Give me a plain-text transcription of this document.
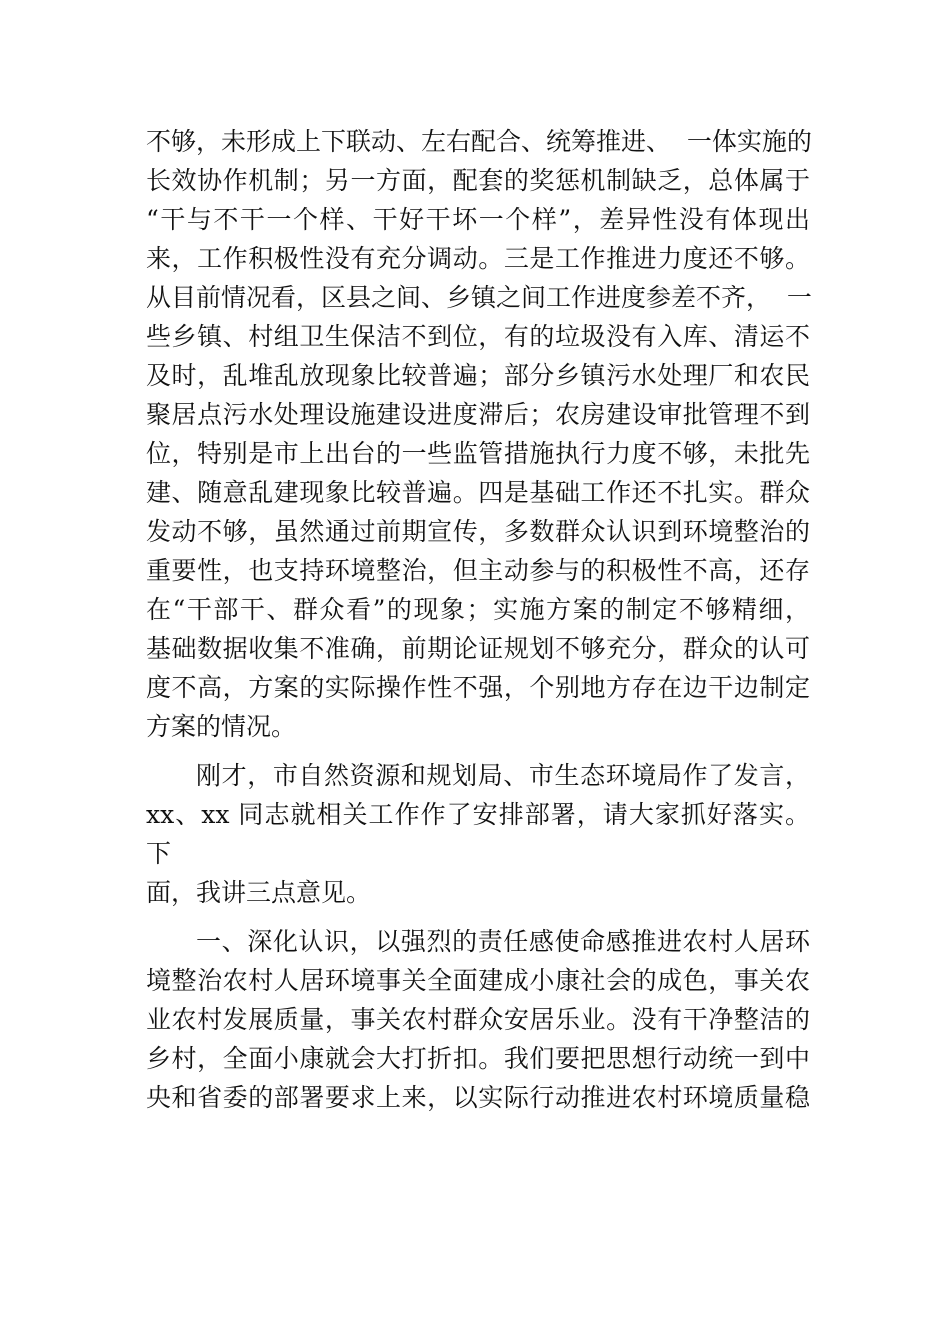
不够，未形成上下联动、左右配合、统筹推进、  一体实施的
长效协作机制；另一方面，配套的奖惩机制缺乏，总体属于
“干与不干一个样、干好干坏一个样”，差异性没有体现出
来，工作积极性没有充分调动。三是工作推进力度还不够。
从目前情况看，区县之间、乡镇之间工作进度参差不齐，  一
些乡镇、村组卫生保洁不到位，有的垃圾没有入库、清运不
及时，乱堆乱放现象比较普遍；部分乡镇污水处理厂和农民
聚居点污水处理设施建设进度滞后；农房建设审批管理不到
位，特别是市上出台的一些监管措施执行力度不够，未批先
建、随意乱建现象比较普遍。四是基础工作还不扎实。群众
发动不够，虽然通过前期宣传，多数群众认识到环境整治的
重要性，也支持环境整治，但主动参与的积极性不高，还存
在“干部干、群众看”的现象；实施方案的制定不够精细，
基础数据收集不准确，前期论证规划不够充分，群众的认可
度不高，方案的实际操作性不强，个别地方存在边干边制定
方案的情况。
刚才，市自然资源和规划局、市生态环境局作了发言，
xx、xx 同志就相关工作作了安排部署，请大家抓好落实。
下
面，我讲三点意见。
一、深化认识，以强烈的责任感使命感推进农村人居环
境整治农村人居环境事关全面建成小康社会的成色，事关农
业农村发展质量，事关农村群众安居乐业。没有干净整洁的
乡村，全面小康就会大打折扣。我们要把思想行动统一到中
央和省委的部署要求上来，以实际行动推进农村环境质量稳
